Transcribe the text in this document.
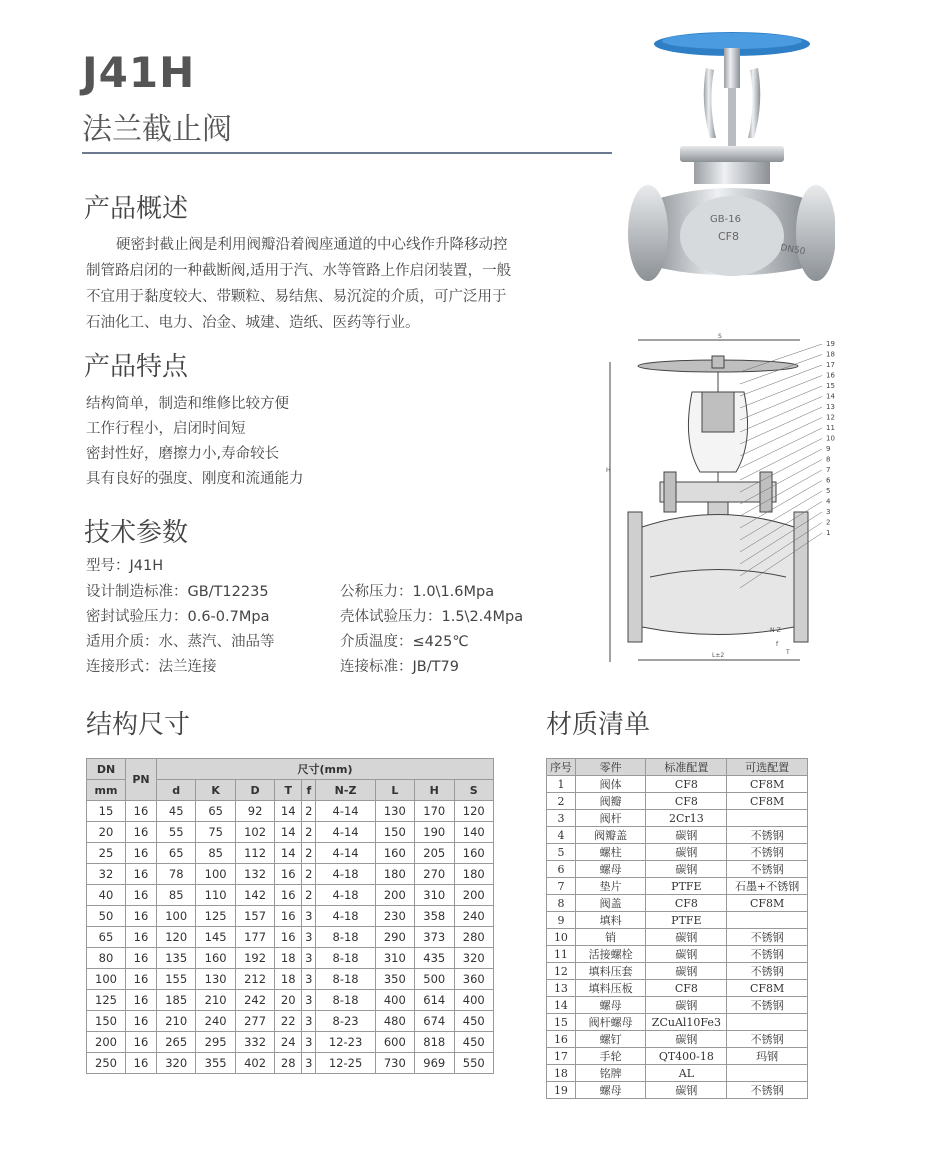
J41H
法兰截止阀
产品概述
硬密封截止阀是利用阀瓣沿着阀座通道的中心线作升降移动控
制管路启闭的一种截断阀,适用于汽、水等管路上作启闭装置，一般
不宜用于黏度较大、带颗粒、易结焦、易沉淀的介质，可广泛用于
石油化工、电力、冶金、城建、造纸、医药等行业。
产品特点
结构简单，制造和维修比较方便
工作行程小，启闭时间短
密封性好，磨擦力小,寿命较长
具有良好的强度、刚度和流通能力
技术参数
型号：J41H
设计制造标准：GB/T12235	公称压力：1.0\1.6Mpa
密封试验压力：0.6-0.7Mpa	壳体试验压力：1.5\2.4Mpa
适用介质：水、蒸汽、油品等	介质温度：≤425℃
连接形式：法兰连接	连接标准：JB/T79
GB-16
CF8
DN50
S
H
L±2
N-Z
f
T
19
18
17
16
15
14
13
12
11
10
9
8
7
6
5
4
3
2
1
结构尺寸
DN	PN	尺寸(mm)								
mm		d	K	D	T	f	N-Z	L	H	S
15	16	45	65	92	14	2	4-14	130	170	120
20	16	55	75	102	14	2	4-14	150	190	140
25	16	65	85	112	14	2	4-14	160	205	160
32	16	78	100	132	16	2	4-18	180	270	180
40	16	85	110	142	16	2	4-18	200	310	200
50	16	100	125	157	16	3	4-18	230	358	240
65	16	120	145	177	16	3	8-18	290	373	280
80	16	135	160	192	18	3	8-18	310	435	320
100	16	155	130	212	18	3	8-18	350	500	360
125	16	185	210	242	20	3	8-18	400	614	400
150	16	210	240	277	22	3	8-23	480	674	450
200	16	265	295	332	24	3	12-23	600	818	450
250	16	320	355	402	28	3	12-25	730	969	550
材质清单
序号	零件	标准配置	可选配置
1	阀体	CF8	CF8M
2	阀瓣	CF8	CF8M
3	阀杆	2Cr13	
4	阀瓣盖	碳钢	不锈钢
5	螺柱	碳钢	不锈钢
6	螺母	碳钢	不锈钢
7	垫片	PTFE	石墨+不锈钢
8	阀盖	CF8	CF8M
9	填料	PTFE	
10	销	碳钢	不锈钢
11	活接螺栓	碳钢	不锈钢
12	填料压套	碳钢	不锈钢
13	填料压板	CF8	CF8M
14	螺母	碳钢	不锈钢
15	阀杆螺母	ZCuAl10Fe3	
16	螺钉	碳钢	不锈钢
17	手轮	QT400-18	玛钢
18	铭牌	AL	
19	螺母	碳钢	不锈钢
